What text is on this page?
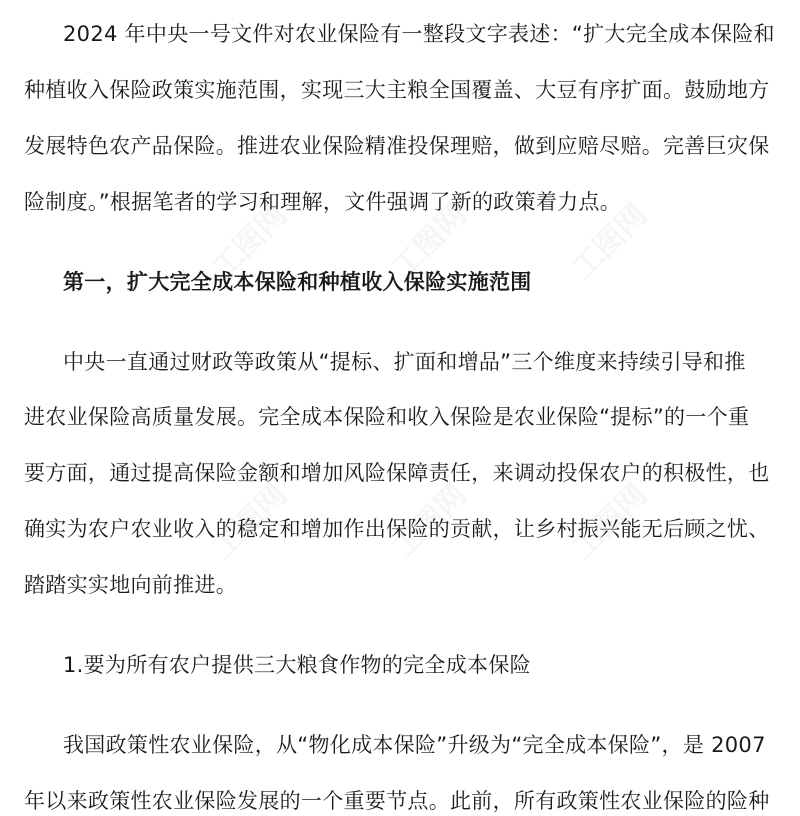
工图网	工图网	工图网
工图网	工图网	工图网
2024 年中央一号文件对农业保险有一整段文字表述：“扩大完全成本保险和
种植收入保险政策实施范围，实现三大主粮全国覆盖、大豆有序扩面。鼓励地方
发展特色农产品保险。推进农业保险精准投保理赔，做到应赔尽赔。完善巨灾保
险制度。”根据笔者的学习和理解，文件强调了新的政策着力点。
第一，扩大完全成本保险和种植收入保险实施范围
中央一直通过财政等政策从“提标、扩面和增品”三个维度来持续引导和推
进农业保险高质量发展。完全成本保险和收入保险是农业保险“提标”的一个重
要方面，通过提高保险金额和增加风险保障责任，来调动投保农户的积极性，也
确实为农户农业收入的稳定和增加作出保险的贡献，让乡村振兴能无后顾之忧、
踏踏实实地向前推进。
1.要为所有农户提供三大粮食作物的完全成本保险
我国政策性农业保险，从“物化成本保险”升级为“完全成本保险”，是 2007
年以来政策性农业保险发展的一个重要节点。此前，所有政策性农业保险的险种
